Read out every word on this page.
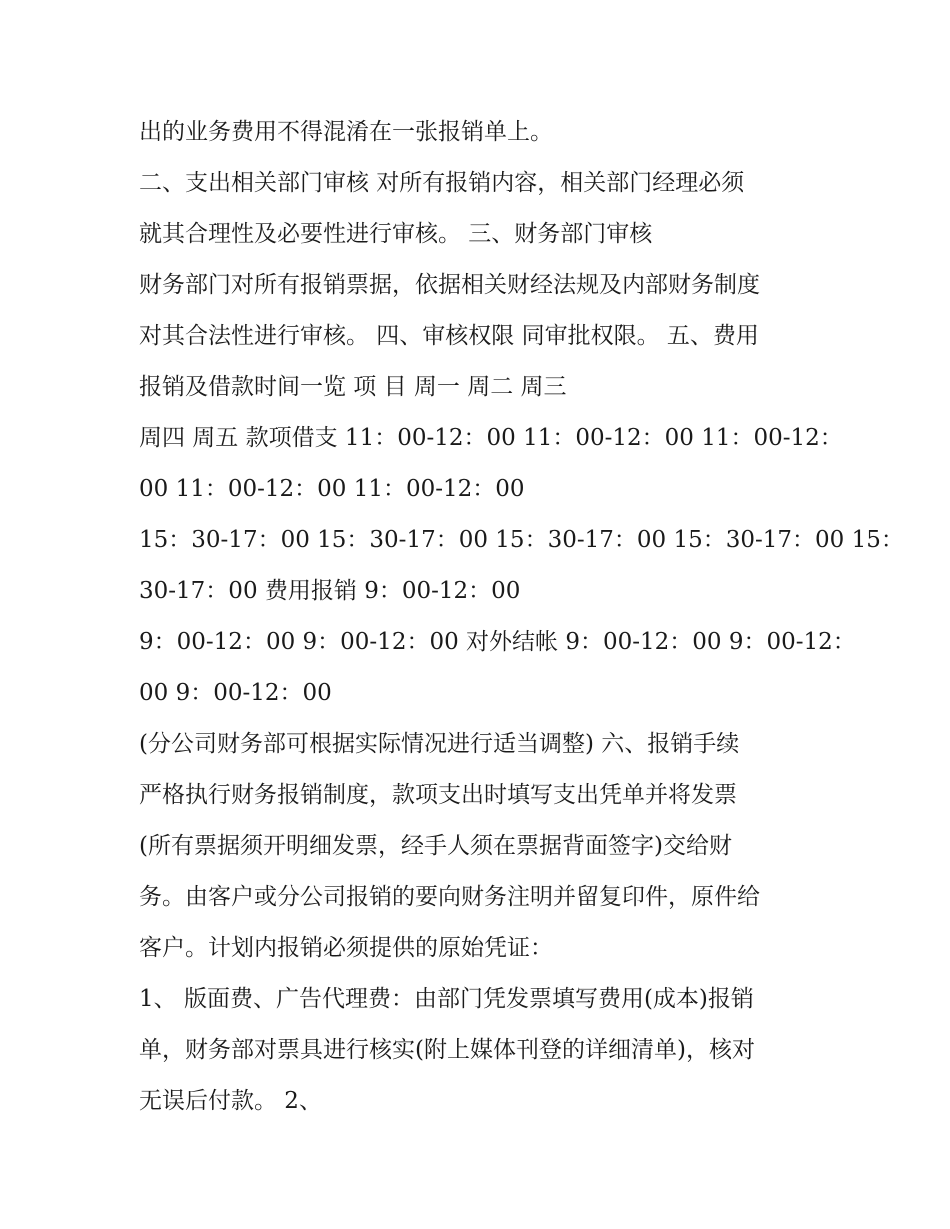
出的业务费用不得混淆在一张报销单上。
二、支出相关部门审核 对所有报销内容，相关部门经理必须
就其合理性及必要性进行审核。 三、财务部门审核
财务部门对所有报销票据，依据相关财经法规及内部财务制度
对其合法性进行审核。 四、审核权限 同审批权限。 五、费用
报销及借款时间一览 项 目 周一 周二 周三
周四 周五 款项借支 11：00-12：00 11：00-12：00 11：00-12：
00 11：00-12：00 11：00-12：00
15：30-17：00 15：30-17：00 15：30-17：00 15：30-17：00 15：
30-17：00 费用报销 9：00-12：00
9：00-12：00 9：00-12：00 对外结帐 9：00-12：00 9：00-12：
00 9：00-12：00
(分公司财务部可根据实际情况进行适当调整) 六、报销手续
严格执行财务报销制度，款项支出时填写支出凭单并将发票
(所有票据须开明细发票，经手人须在票据背面签字)交给财
务。由客户或分公司报销的要向财务注明并留复印件，原件给
客户。计划内报销必须提供的原始凭证：
1、 版面费、广告代理费：由部门凭发票填写费用(成本)报销
单，财务部对票具进行核实(附上媒体刊登的详细清单)，核对
无误后付款。 2、
